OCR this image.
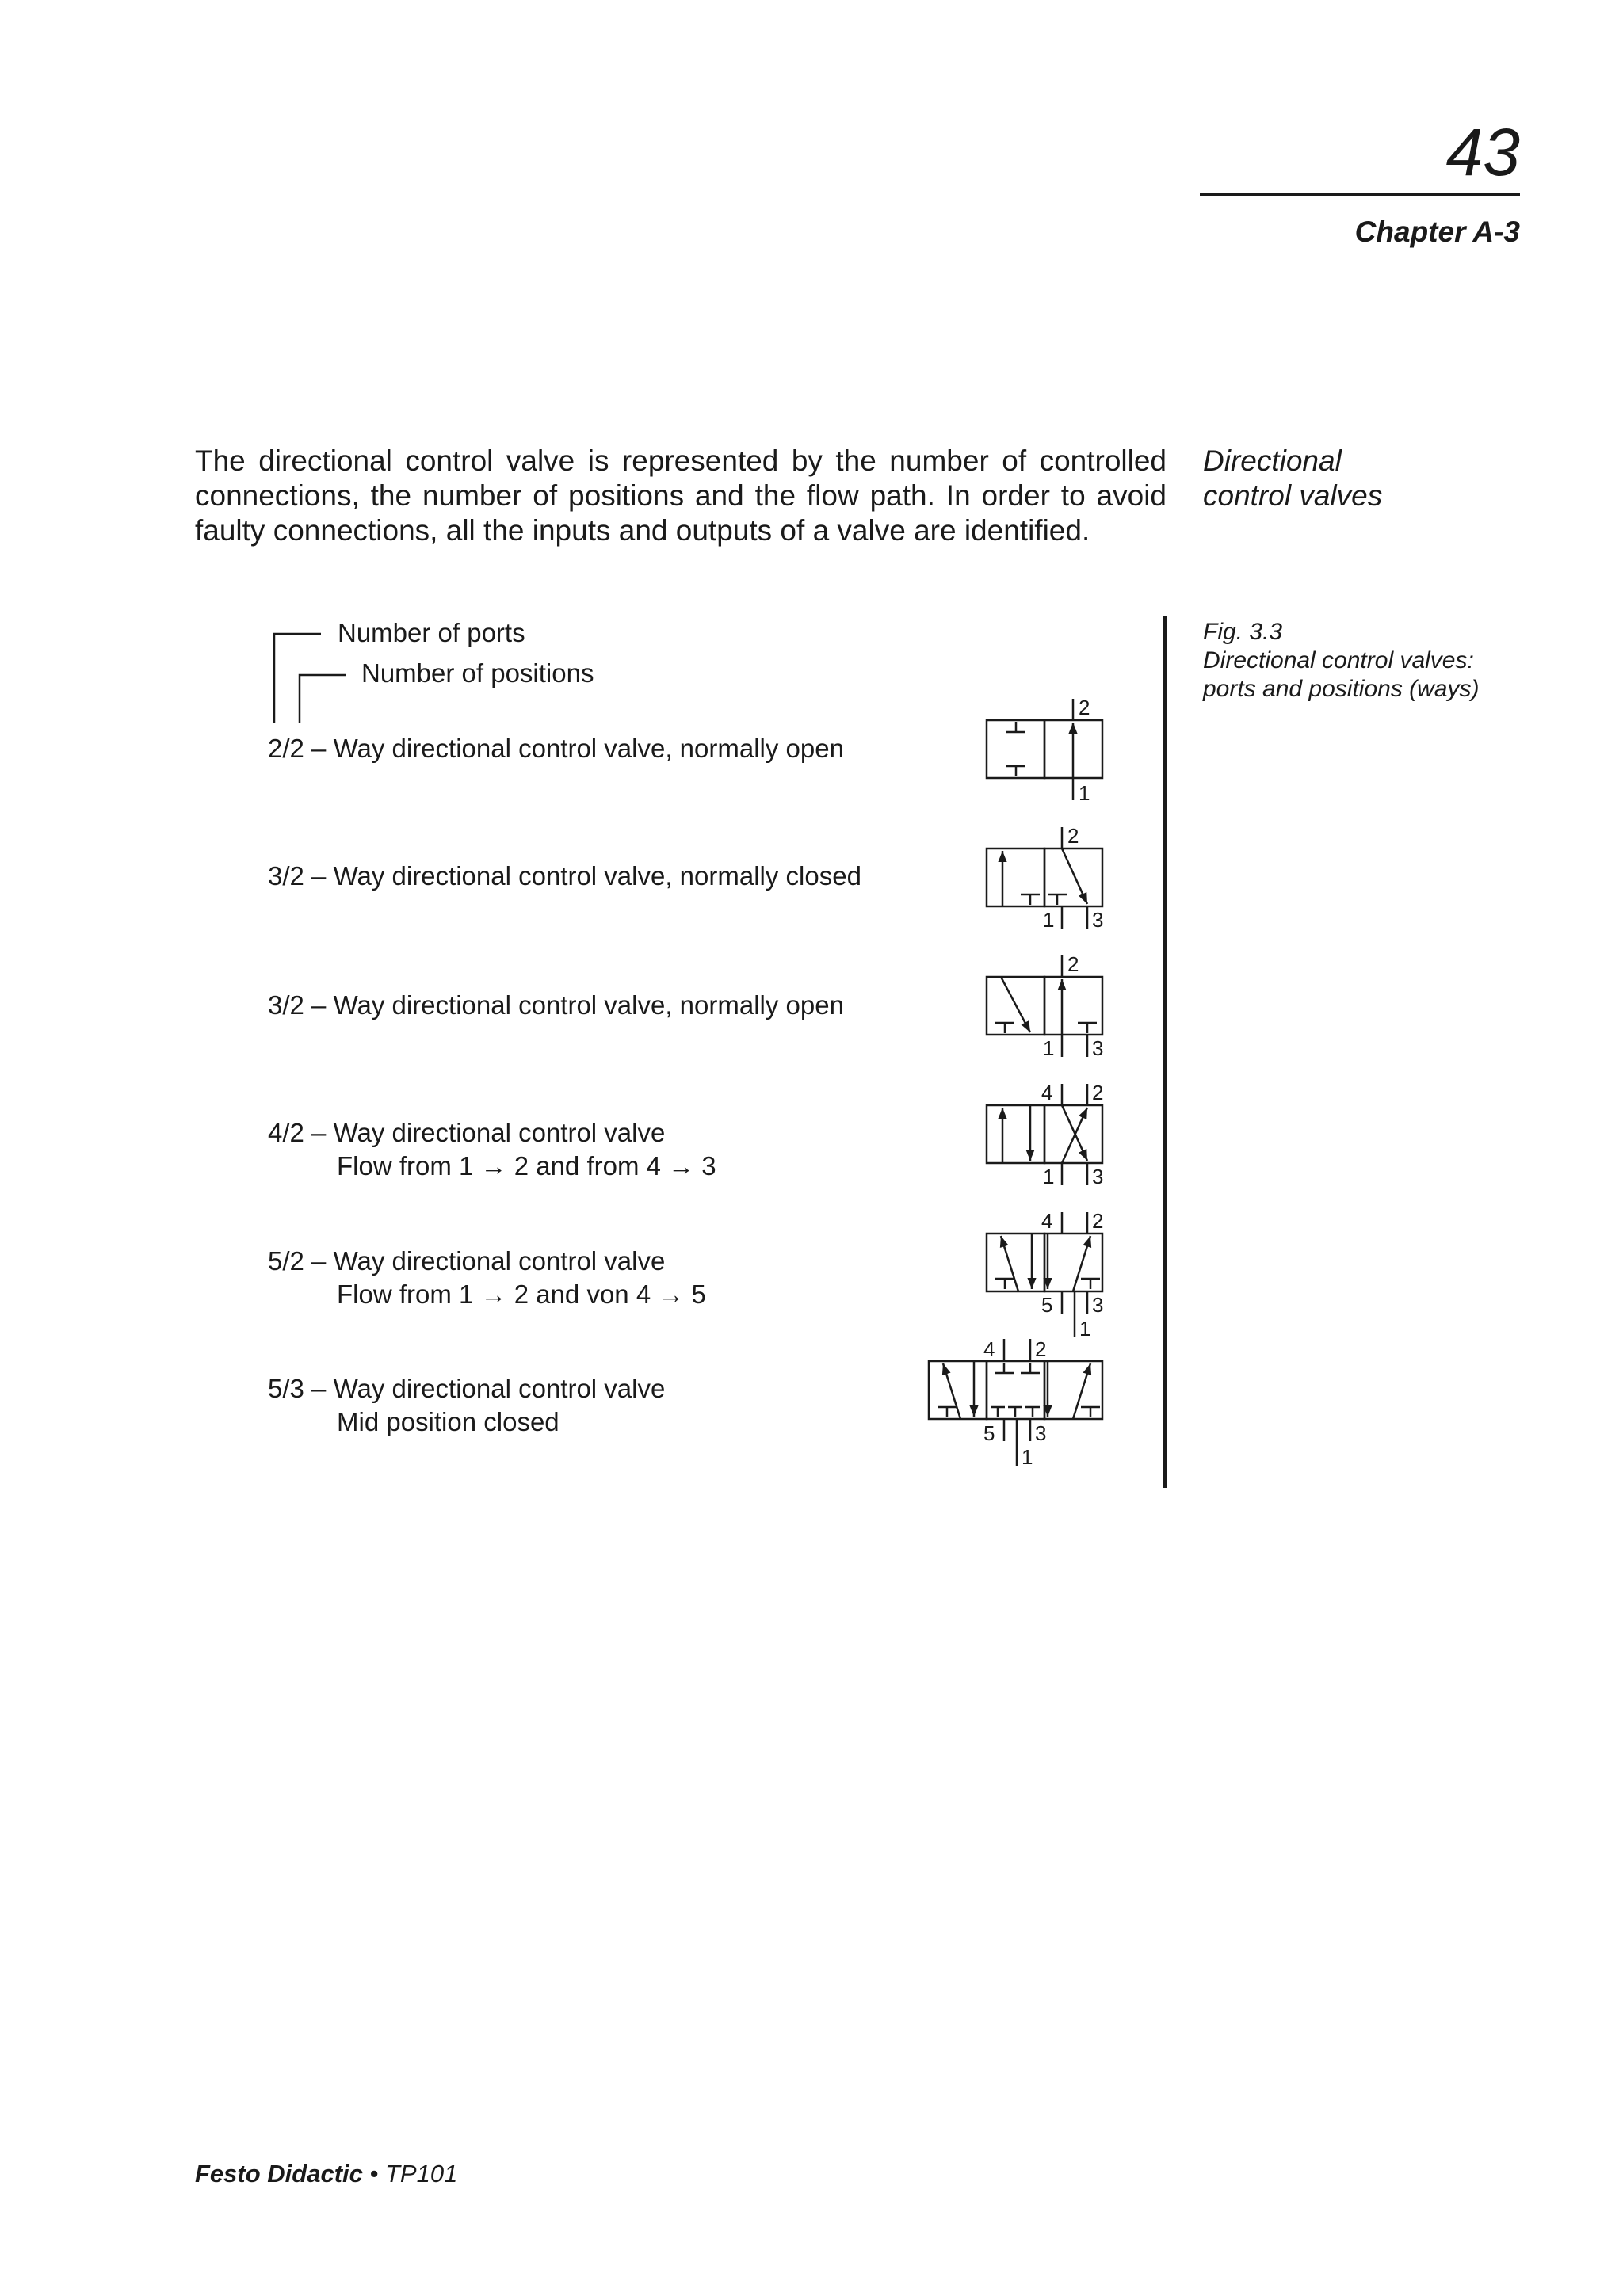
43
Chapter A-3
The directional control valve is represented by the number of controlled connections, the number of positions and the flow path. In order to avoid faulty connections, all the inputs and outputs of a valve are identified.
Directional
control valves
Fig. 3.3
Directional control valves:
ports and positions (ways)
Number of ports
Number of positions
2/2 – Way directional control valve, normally open
3/2 – Way directional control valve, normally closed
3/2 – Way directional control valve, normally open
4/2 – Way directional control valve
Flow from 1 → 2 and from 4 → 3
5/2 – Way directional control valve
Flow from 1 → 2 and von 4 → 5
5/3 – Way directional control valve
Mid position closed
2
1
2
1 3
2
1 3
4 2
1 3
4 2
5 3
1
4 2
5 3
1
Festo Didactic • TP101
